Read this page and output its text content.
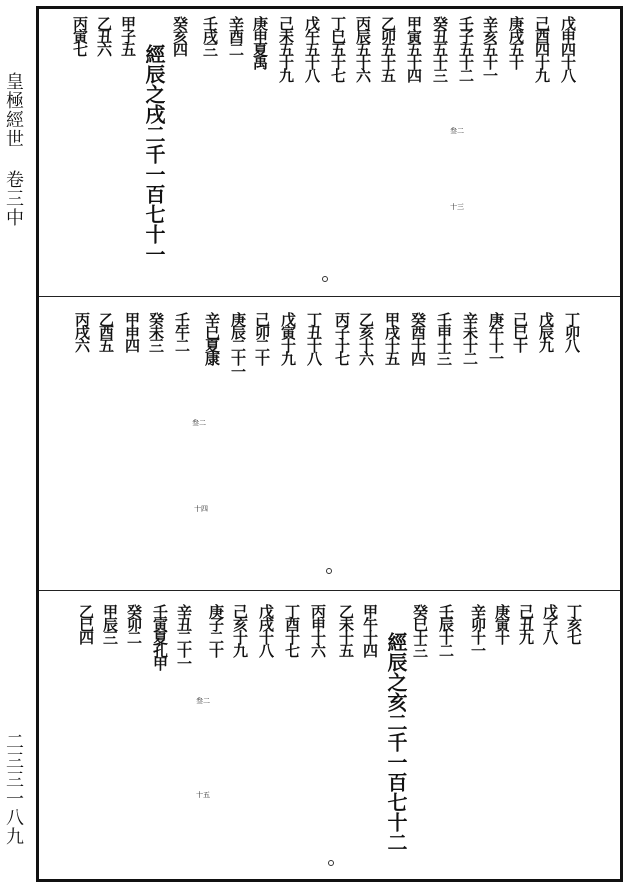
皇極經世 卷三中
二三三一八九
戊申四十八
己酉四十九
庚戌五十
辛亥五十一
壬子五十二
癸丑五十三
甲寅五十四
乙卯五十五
丙辰五十六
丁巳五十七
戊午五十八
己未五十九
庚申夏禹
辛酉二
壬戌三
癸亥四
甲子五
乙丑六
丙寅七
經辰之戌二千一百七十一	叁二
十三
丁卯八
戊辰九
己巳十
庚午十一
辛未十二
壬申十三
癸酉十四
甲戌十五
乙亥十六
丙子十七
丁丑十八
戊寅十九
己卯二十
庚辰二十一
辛巳夏康
壬午二
癸未三
甲申四
乙酉五
丙戌六
叁二
十四
丁亥七
戊子八
己丑九
庚寅十
辛卯十一
壬辰十二
癸巳十三
甲午十四
乙未十五
丙申十六
丁酉十七
戊戌十八
己亥十九
庚子二十
辛丑二十一
壬寅夏孔甲
癸卯二
甲辰三
乙巳四
經辰之亥二千一百七十二
叁二
十五
